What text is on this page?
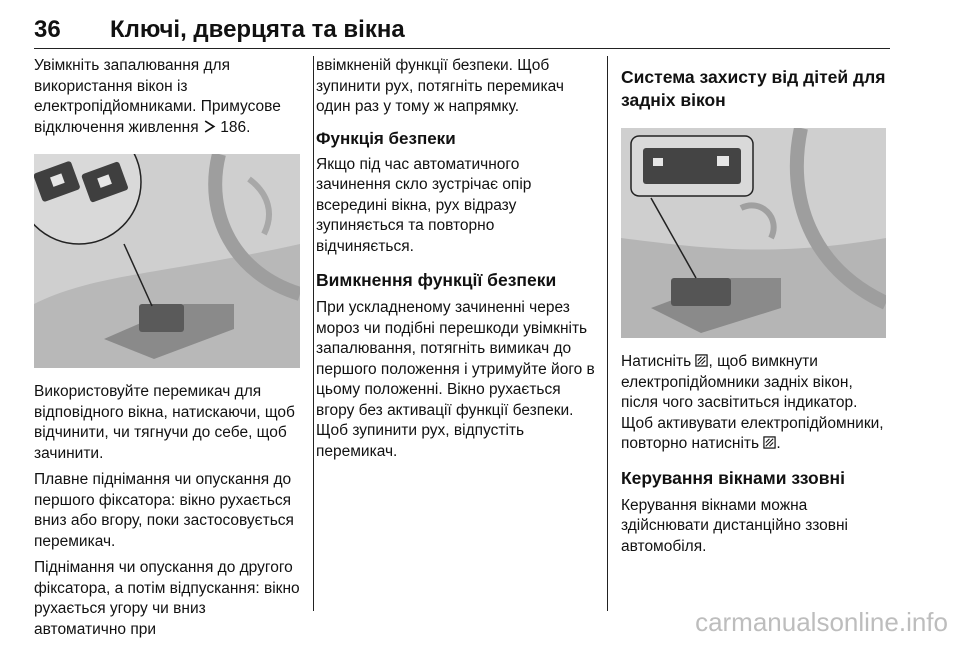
36 Ключі, дверцята та вікна

Увімкніть запалювання для використання вікон із електропідйомниками. Примусове відключення живлення  186.

Використовуйте перемикач для відповідного вікна, натискаючи, щоб відчинити, чи тягнучи до себе, щоб зачинити.

Плавне піднімання чи опускання до першого фіксатора: вікно рухається вниз або вгору, поки застосовується перемикач.

Піднімання чи опускання до другого фіксатора, а потім відпускання: вікно рухається угору чи вниз автоматично при

ввімкненій функції безпеки. Щоб зупинити рух, потягніть перемикач один раз у тому ж напрямку.

Функція безпеки

Якщо під час автоматичного зачинення скло зустрічає опір всередині вікна, рух відразу зупиняється та повторно відчиняється.

Вимкнення функції безпеки

При ускладненому зачиненні через мороз чи подібні перешкоди увімкніть запалювання, потягніть вимикач до першого положення і утримуйте його в цьому положенні. Вікно рухається вгору без активації функції безпеки. Щоб зупинити рух, відпустіть перемикач.

Система захисту від дітей для задніх вікон

Натисніть , щоб вимкнути електропідйомники задніх вікон, після чого засвітиться індикатор. Щоб активувати електропідйомники, повторно натисніть .

Керування вікнами ззовні

Керування вікнами можна здійснювати дистанційно ззовні автомобіля.

carmanualsonline.info
